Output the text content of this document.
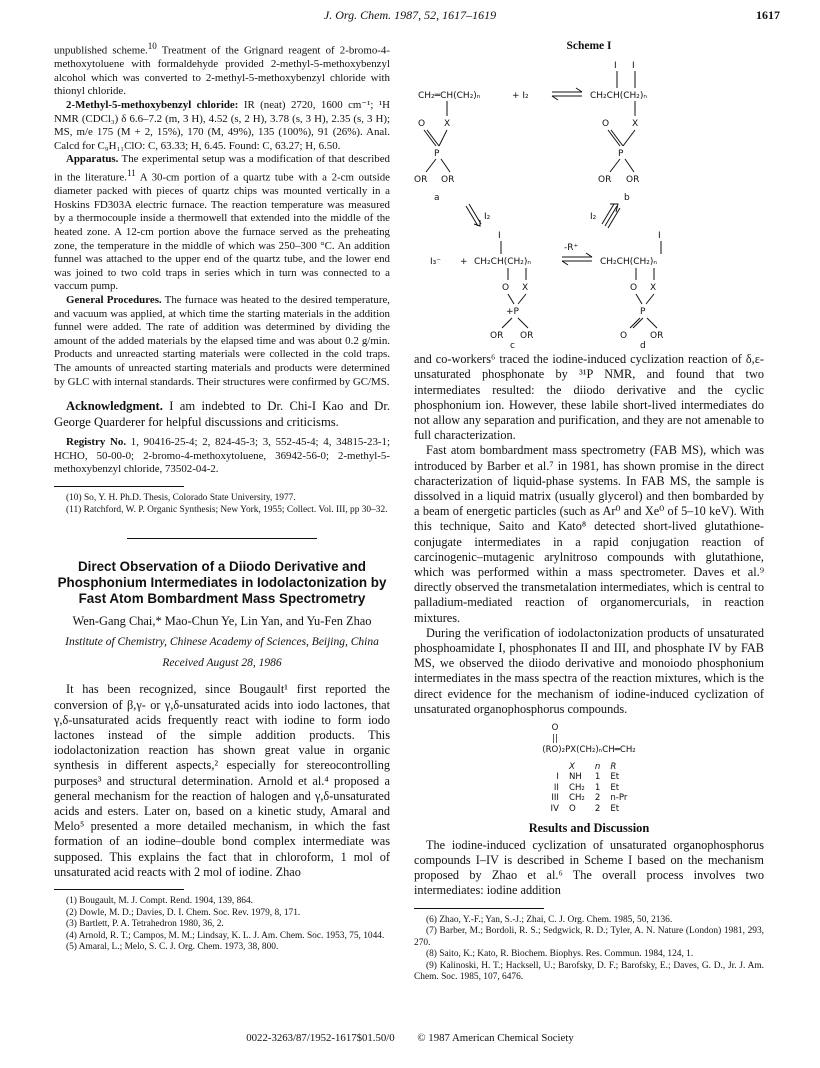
J. Org. Chem. 1987, 52, 1617–1619	1617

unpublished scheme.$^{10}$ Treatment of the Grignard reagent of 2-bromo-4-methoxytoluene with formaldehyde provided 2-methyl-5-methoxybenzyl alcohol which was converted to 2-methyl-5-methoxybenzyl chloride with thionyl chloride.

2-Methyl-5-methoxybenzyl chloride: IR (neat) 2720, 1600 cm⁻¹; ¹H NMR (CDCl₃) δ 6.6–7.2 (m, 3 H), 4.52 (s, 2 H), 3.78 (s, 3 H), 2.35 (s, 3 H); MS, m/e 175 (M + 2, 15%), 170 (M, 49%), 135 (100%), 91 (26%). Anal. Calcd for C₉H₁₁ClO: C, 63.33; H, 6.45. Found: C, 63.27; H, 6.50.

Apparatus. The experimental setup was a modification of that described in the literature.$^{11}$ A 30-cm portion of a quartz tube with a 2-cm outside diameter packed with pieces of quartz chips was mounted vertically in a Hoskins FD303A electric furnace. The reaction temperature was measured by a thermocouple inside a thermowell that extended into the middle of the heated zone. A 12-cm portion above the furnace served as the preheating zone, the temperature in the middle of which was 250–300 °C. An addition funnel was attached to the upper end of the quartz tube, and the lower end was joined to two cold traps in series which in turn was connected to a vaccum pump.

General Procedures. The furnace was heated to the desired temperature, and vacuum was applied, at which time the starting materials in the addition funnel were added. The rate of addition was determined by dividing the amount of the added materials by the elapsed time and was about 0.2 g/min. Products and unreacted starting materials were collected in the cold traps. The amounts of unreacted starting materials and products were determined by GLC with internal standards. Their structures were confirmed by GC/MS.

Acknowledgment. I am indebted to Dr. Chi-I Kao and Dr. George Quarderer for helpful discussions and criticisms.

Registry No. 1, 90416-25-4; 2, 824-45-3; 3, 552-45-4; 4, 34815-23-1; HCHO, 50-00-0; 2-bromo-4-methoxytoluene, 36942-56-0; 2-methyl-5-methoxybenzyl chloride, 73502-04-2.

(10) So, Y. H. Ph.D. Thesis, Colorado State University, 1977.

(11) Ratchford, W. P. Organic Synthesis; New York, 1955; Collect. Vol. III, pp 30–32.

Direct Observation of a Diiodo Derivative and Phosphonium Intermediates in Iodolactonization by Fast Atom Bombardment Mass Spectrometry
Wen-Gang Chai,* Mao-Chun Ye, Lin Yan, and Yu-Fen Zhao
Institute of Chemistry, Chinese Academy of Sciences, Beijing, China
Received August 28, 1986

It has been recognized, since Bougault¹ first reported the conversion of β,γ- or γ,δ-unsaturated acids into iodo lactones, that γ,δ-unsaturated acids frequently react with iodine to form iodo lactones instead of the simple addition products. This iodolactonization reaction has shown great value in organic synthesis in different aspects,² especially for stereocontrolling purposes³ and structural determination. Arnold et al.⁴ proposed a general mechanism for the reaction of halogen and γ,δ-unsaturated acids and esters. Later on, based on a kinetic study, Amaral and Melo⁵ presented a more detailed mechanism, in which the fast formation of an iodine–double bond complex intermediate was supposed. This explains the fact that in chloroform, 1 mol of unsaturated acid reacts with 2 mol of iodine. Zhao

(1) Bougault, M. J. Compt. Rend. 1904, 139, 864.

(2) Dowle, M. D.; Davies, D. I. Chem. Soc. Rev. 1979, 8, 171.

(3) Bartlett, P. A. Tetrahedron 1980, 36, 2.

(4) Arnold, R. T.; Campos, M. M.; Lindsay, K. L. J. Am. Chem. Soc. 1953, 75, 1044.

(5) Amaral, L.; Melo, S. C. J. Org. Chem. 1973, 38, 800.

Scheme I
CH₂═CH(CH₂)ₙ	+ I₂	CH₂CH(CH₂)ₙ
I I
O X
P
OR OR
a
O	X
P
OR OR
b
I₂	I₂
I	I
I₃⁻ + CH₂CH(CH₂)ₙ
-R⁺
CH₂CH(CH₂)ₙ
O X
+P
OR OR
O X
P
O	OR
c	d

and co-workers⁶ traced the iodine-induced cyclization reaction of δ,ε-unsaturated phosphonate by ³¹P NMR, and found that two intermediates resulted: the diiodo derivative and the cyclic phosphonium ion. However, these labile short-lived intermediates do not allow any separation and purification, and they are not amenable to full characterization.

Fast atom bombardment mass spectrometry (FAB MS), which was introduced by Barber et al.⁷ in 1981, has shown promise in the direct characterization of liquid-phase systems. In FAB MS, the sample is dissolved in a liquid matrix (usually glycerol) and then bombarded by a beam of energetic particles (such as Ar⁰ and Xe⁰ of 5–10 keV). With this technique, Saito and Kato⁸ detected short-lived glutathione-conjugate intermediates in a rapid conjugation reaction of carcinogenic–mutagenic arylnitroso compounds with glutathione, which was performed within a mass spectrometer. Daves et al.⁹ directly observed the transmetalation intermediates, which is central to palladium-mediated reaction of organomercurials, in reaction mixtures.

During the verification of iodolactonization products of unsaturated phosphoamidate I, phosphonates II and III, and phosphate IV by FAB MS, we observed the diiodo derivative and monoiodo phosphonium intermediates in the mass spectra of the reaction mixtures, which is the direct evidence for the mechanism of iodine-induced cyclization of unsaturated organophosphorus compounds.

O
||
(RO)₂PX(CH₂)ₙCH═CH₂
	X	n	R
I	NH	1	Et
II	CH₂	1	Et
III	CH₂	2	n-Pr
IV	O	2	Et
Results and Discussion

The iodine-induced cyclization of unsaturated organophosphorus compounds I–IV is described in Scheme I based on the mechanism proposed by Zhao et al.⁶ The overall process involves two intermediates: iodine addition

(6) Zhao, Y.-F.; Yan, S.-J.; Zhai, C. J. Org. Chem. 1985, 50, 2136.

(7) Barber, M.; Bordoli, R. S.; Sedgwick, R. D.; Tyler, A. N. Nature (London) 1981, 293, 270.

(8) Saito, K.; Kato, R. Biochem. Biophys. Res. Commun. 1984, 124, 1.

(9) Kalinoski, H. T.; Hacksell, U.; Barofsky, D. F.; Barofsky, E.; Daves, G. D., Jr. J. Am. Chem. Soc. 1985, 107, 6476.

0022-3263/87/1952-1617$01.50/0 © 1987 American Chemical Society
